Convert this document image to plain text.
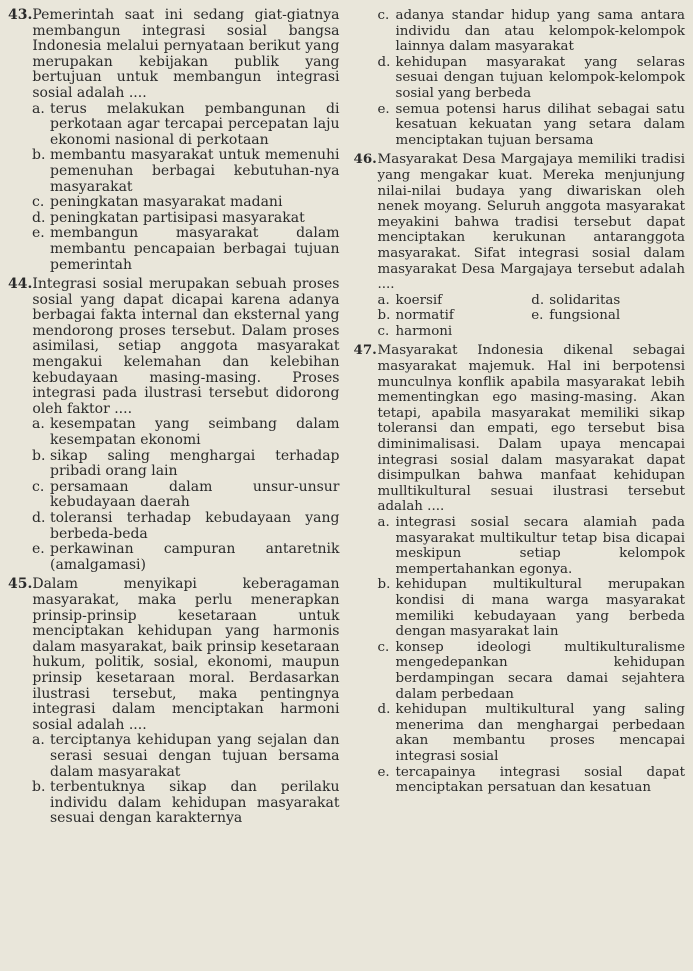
43. Pemerintah saat ini sedang giat-giatnya membangun integrasi sosial bangsa Indonesia melalui pernyataan berikut yang merupakan kebijakan publik yang bertujuan untuk membangun integrasi sosial adalah ....
a. terus melakukan pembangunan di perkotaan agar tercapai percepatan laju ekonomi nasional di perkotaan
b. membantu masyarakat untuk memenuhi pemenuhan berbagai kebutuhan-nya masyarakat
c. peningkatan masyarakat madani
d. peningkatan partisipasi masyarakat
e. membangun masyarakat dalam membantu pencapaian berbagai tujuan pemerintah
44. Integrasi sosial merupakan sebuah proses sosial yang dapat dicapai karena adanya berbagai fakta internal dan eksternal yang mendorong proses tersebut. Dalam proses asimilasi, setiap anggota masyarakat mengakui kelemahan dan kelebihan kebudayaan masing-masing. Proses integrasi pada ilustrasi tersebut didorong oleh faktor ....
a. kesempatan yang seimbang dalam kesempatan ekonomi
b. sikap saling menghargai terhadap pribadi orang lain
c. persamaan dalam unsur-unsur kebudayaan daerah
d. toleransi terhadap kebudayaan yang berbeda-beda
e. perkawinan campuran antaretnik (amalgamasi)
45. Dalam menyikapi keberagaman masyarakat, maka perlu menerapkan prinsip-prinsip kesetaraan untuk menciptakan kehidupan yang harmonis dalam masyarakat, baik prinsip kesetaraan hukum, politik, sosial, ekonomi, maupun prinsip kesetaraan moral. Berdasarkan ilustrasi tersebut, maka pentingnya integrasi dalam menciptakan harmoni sosial adalah ....
a. terciptanya kehidupan yang sejalan dan serasi sesuai dengan tujuan bersama dalam masyarakat
b. terbentuknya sikap dan perilaku individu dalam kehidupan masyarakat sesuai dengan karakternya
c. adanya standar hidup yang sama antara individu dan atau kelompok-kelompok lainnya dalam masyarakat
d. kehidupan masyarakat yang selaras sesuai dengan tujuan kelompok-kelompok sosial yang berbeda
e. semua potensi harus dilihat sebagai satu kesatuan kekuatan yang setara dalam menciptakan tujuan bersama
46. Masyarakat Desa Margajaya memiliki tradisi yang mengakar kuat. Mereka menjunjung nilai-nilai budaya yang diwariskan oleh nenek moyang. Seluruh anggota masyarakat meyakini bahwa tradisi tersebut dapat menciptakan kerukunan antaranggota masyarakat. Sifat integrasi sosial dalam masyarakat Desa Margajaya tersebut adalah ....
a. koersif	d. solidaritas
b. normatif	e. fungsional
c. harmoni
47. Masyarakat Indonesia dikenal sebagai masyarakat majemuk. Hal ini berpotensi munculnya konflik apabila masyarakat lebih mementingkan ego masing-masing. Akan tetapi, apabila masyarakat memiliki sikap toleransi dan empati, ego tersebut bisa diminimalisasi. Dalam upaya mencapai integrasi sosial dalam masyarakat dapat disimpulkan bahwa manfaat kehidupan mulltikultural sesuai ilustrasi tersebut adalah ....
a. integrasi sosial secara alamiah pada masyarakat multikultur tetap bisa dicapai meskipun setiap kelompok mempertahankan egonya.
b. kehidupan multikultural merupakan kondisi di mana warga masyarakat memiliki kebudayaan yang berbeda dengan masyarakat lain
c. konsep ideologi multikulturalisme mengedepankan kehidupan berdampingan secara damai sejahtera dalam perbedaan
d. kehidupan multikultural yang saling menerima dan menghargai perbedaan akan membantu proses mencapai integrasi sosial
e. tercapainya integrasi sosial dapat menciptakan persatuan dan kesatuan
